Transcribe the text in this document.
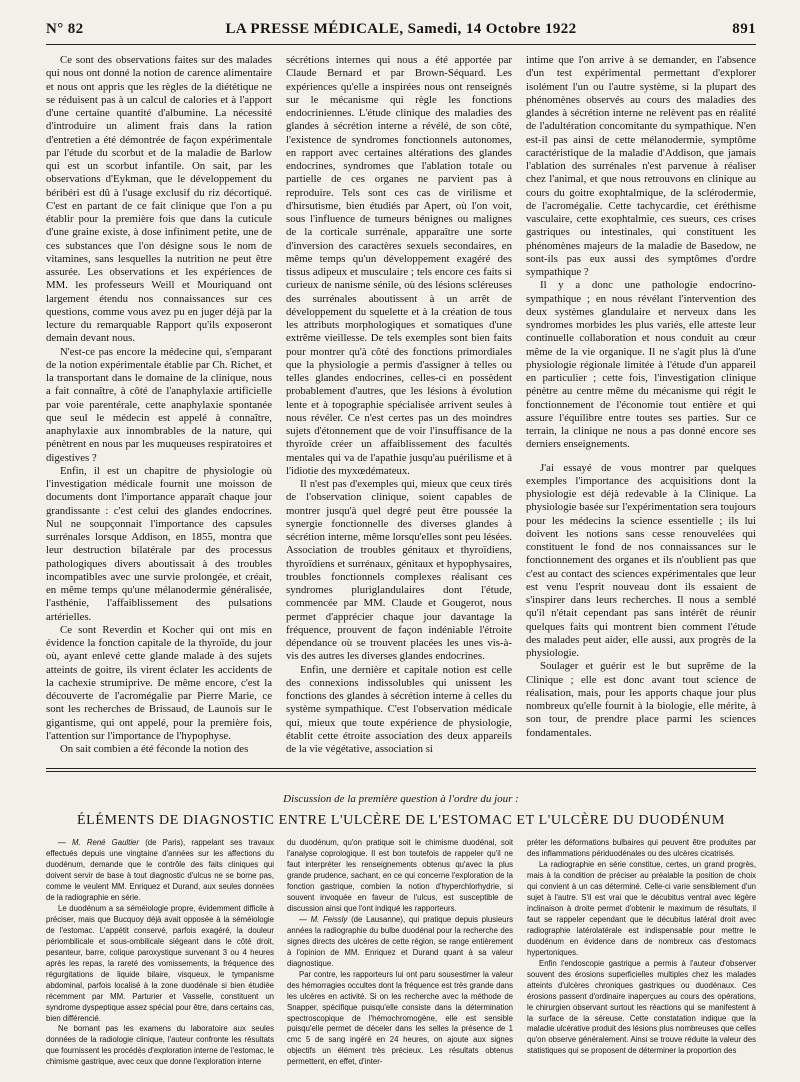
N° 82	LA PRESSE MÉDICALE, Samedi, 14 Octobre 1922	891

Ce sont des observations faites sur des malades qui nous ont donné la notion de carence alimentaire et nous ont appris que les règles de la diététique ne se réduisent pas à un calcul de calories et à l'apport d'une certaine quantité d'albumine. La nécessité d'introduire un aliment frais dans la ration d'entretien a été démontrée de façon expérimentale par l'étude du scorbut et de la maladie de Barlow qui est un scorbut infantile. On sait, par les observations d'Eykman, que le développement du béribéri est dû à l'usage exclusif du riz décortiqué. C'est en partant de ce fait clinique que l'on a pu établir pour la première fois que dans la cuticule d'une graine existe, à dose infiniment petite, une de ces substances que l'on désigne sous le nom de vitamines, sans lesquelles la nutrition ne peut être assurée. Les observations et les expériences de MM. les professeurs Weill et Mouriquand ont largement étendu nos connaissances sur ces questions, comme vous avez pu en juger déjà par la lecture du remarquable Rapport qu'ils exposeront demain devant nous.

N'est-ce pas encore la médecine qui, s'emparant de la notion expérimentale établie par Ch. Richet, et la transportant dans le domaine de la clinique, nous a fait connaître, à côté de l'anaphylaxie artificielle par voie parentérale, cette anaphylaxie spontanée que seul le médecin est appelé à connaître, anaphylaxie aux innombrables de la nature, qui pénètrent en nous par les muqueuses respiratoires et digestives ?

Enfin, il est un chapitre de physiologie où l'investigation médicale fournit une moisson de documents dont l'importance apparaît chaque jour grandissante : c'est celui des glandes endocrines. Nul ne soupçonnait l'importance des capsules surrénales lorsque Addison, en 1855, montra que leur destruction bilatérale par des processus pathologiques divers aboutissait à des troubles incompatibles avec une survie prolongée, et créait, en même temps qu'une mélanodermie généralisée, l'asthénie, l'affaiblissement des pulsations artérielles.

Ce sont Reverdin et Kocher qui ont mis en évidence la fonction capitale de la thyroïde, du jour où, ayant enlevé cette glande malade à des sujets atteints de goitre, ils virent éclater les accidents de la cachexie strumiprive. De même encore, c'est la découverte de l'acromégalie par Pierre Marie, ce sont les recherches de Brissaud, de Launois sur le gigantisme, qui ont appelé, pour la première fois, l'attention sur l'importance de l'hypophyse.

On sait combien a été féconde la notion des

sécrétions internes qui nous a été apportée par Claude Bernard et par Brown-Séquard. Les expériences qu'elle a inspirées nous ont renseignés sur le mécanisme qui règle les fonctions endocriniennes. L'étude clinique des maladies des glandes à sécrétion interne a révélé, de son côté, l'existence de syndromes fonctionnels autonomes, en rapport avec certaines altérations des glandes endocrines, syndromes que l'ablation totale ou partielle de ces organes ne parvient pas à reproduire. Tels sont ces cas de virilisme et d'hirsutisme, bien étudiés par Apert, où l'on voit, sous l'influence de tumeurs bénignes ou malignes de la corticale surrénale, apparaître une sorte d'inversion des caractères sexuels secondaires, en même temps qu'un développement exagéré des tissus adipeux et musculaire ; tels encore ces faits si curieux de nanisme sénile, où des lésions scléreuses des surrénales aboutissent à un arrêt de développement du squelette et à la création de tous les attributs morphologiques et somatiques d'une extrême vieillesse. De tels exemples sont bien faits pour montrer qu'à côté des fonctions primordiales que la physiologie a permis d'assigner à telles ou telles glandes endocrines, celles-ci en possèdent probablement d'autres, que les lésions à évolution lente et à topographie spécialisée arrivent seules à nous révéler. Ce n'est certes pas un des moindres sujets d'étonnement que de voir l'insuffisance de la thyroïde créer un affaiblissement des facultés mentales qui va de l'apathie jusqu'au puérilisme et à l'idiotie des myxœdémateux.

Il n'est pas d'exemples qui, mieux que ceux tirés de l'observation clinique, soient capables de montrer jusqu'à quel degré peut être poussée la synergie fonctionnelle des diverses glandes à sécrétion interne, même lorsqu'elles sont peu lésées. Association de troubles génitaux et thyroïdiens, thyroïdiens et surrénaux, génitaux et hypophysaires, troubles fonctionnels complexes réalisant ces syndromes pluriglandulaires dont l'étude, commencée par MM. Claude et Gougerot, nous permet d'apprécier chaque jour davantage la fréquence, prouvent de façon indéniable l'étroite dépendance où se trouvent placées les unes vis-à-vis des autres les diverses glandes endocrines.

Enfin, une dernière et capitale notion est celle des connexions indissolubles qui unissent les fonctions des glandes à sécrétion interne à celles du système sympathique. C'est l'observation médicale qui, mieux que toute expérience de physiologie, établit cette étroite association des deux appareils de la vie végétative, association si

intime que l'on arrive à se demander, en l'absence d'un test expérimental permettant d'explorer isolément l'un ou l'autre système, si la plupart des phénomènes observés au cours des maladies des glandes à sécrétion interne ne relèvent pas en réalité de l'adultération concomitante du sympathique. N'en est-il pas ainsi de cette mélanodermie, symptôme caractéristique de la maladie d'Addison, que jamais l'ablation des surrénales n'est parvenue à réaliser chez l'animal, et que nous retrouvons en clinique au cours du goitre exophtalmique, de la sclérodermie, de l'acromégalie. Cette tachycardie, cet éréthisme vasculaire, cette exophtalmie, ces sueurs, ces crises gastriques ou intestinales, qui constituent les phénomènes majeurs de la maladie de Basedow, ne sont-ils pas eux aussi des symptômes d'ordre sympathique ?

Il y a donc une pathologie endocrino-sympathique ; en nous révélant l'intervention des deux systèmes glandulaire et nerveux dans les syndromes morbides les plus variés, elle atteste leur continuelle collaboration et nous conduit au cœur même de la vie organique. Il ne s'agit plus là d'une physiologie régionale limitée à l'étude d'un appareil en particulier ; cette fois, l'investigation clinique pénètre au centre même du mécanisme qui régit le fonctionnement de l'économie tout entière et qui assure l'équilibre entre toutes ses parties. Sur ce terrain, la clinique ne nous a pas donné encore ses derniers enseignements.

J'ai essayé de vous montrer par quelques exemples l'importance des acquisitions dont la physiologie est déjà redevable à la Clinique. La physiologie basée sur l'expérimentation sera toujours pour les médecins la science essentielle ; ils lui doivent les notions sans cesse renouvelées qui constituent le fond de nos connaissances sur le fonctionnement des organes et ils n'oublient pas que c'est au contact des sciences expérimentales que leur est venu l'esprit nouveau dont ils essaient de s'inspirer dans leurs recherches. Il nous a semblé qu'il n'était cependant pas sans intérêt de réunir quelques faits qui montrent bien comment l'étude des malades peut aider, elle aussi, aux progrès de la physiologie.

Soulager et guérir est le but suprême de la Clinique ; elle est donc avant tout science de réalisation, mais, pour les apports chaque jour plus nombreux qu'elle fournit à la biologie, elle mérite, à son tour, de prendre place parmi les sciences fondamentales.

Discussion de la première question à l'ordre du jour :
ÉLÉMENTS DE DIAGNOSTIC ENTRE L'ULCÈRE DE L'ESTOMAC ET L'ULCÈRE DU DUODÉNUM

— M. René Gaultier (de Paris), rappelant ses travaux effectués depuis une vingtaine d'années sur les affections du duodénum, demande que le contrôle des faits cliniques qui doivent servir de base à tout diagnostic d'ulcus ne se borne pas, comme le veulent MM. Enriquez et Durand, aux seules données de la radiographie en série.

Le duodénum a sa séméiologie propre, évidemment difficile à préciser, mais que Bucquoy déjà avait opposée à la séméiologie de l'estomac. L'appétit conservé, parfois exagéré, la douleur périombilicale et sous-ombilicale siégeant dans le côté droit, pesanteur, barre, colique paroxystique survenant 3 ou 4 heures après les repas, la rareté des vomissements, la fréquence des régurgitations de liquide bilaire, visqueux, le tympanisme abdominal, parfois localisé à la zone duodénale si bien étudiée récemment par MM. Parturier et Vasselle, constituent un syndrome dyspeptique assez spécial pour être, dans certains cas, bien différencié.

Ne bornant pas les examens du laboratoire aux seules données de la radiologie clinique, l'auteur confronte les résultats que fournissent les procédés d'exploration interne de l'estomac, le chimisme gastrique, avec ceux que donne l'exploration interne

du duodénum, qu'on pratique soit le chimisme duodénal, soit l'analyse coprologique. Il est bon toutefois de rappeler qu'il ne faut interpréter les renseignements obtenus qu'avec la plus grande prudence, sachant, en ce qui concerne l'exploration de la fonction gastrique, combien la notion d'hyperchlorhydrie, si souvent invoquée en faveur de l'ulcus, est susceptible de discussion ainsi que l'ont indiqué les rapporteurs.

— M. Feissly (de Lausanne), qui pratique depuis plusieurs années la radiographie du bulbe duodénal pour la recherche des signes directs des ulcères de cette région, se range entièrement à l'opinion de MM. Enriquez et Durand quant à sa valeur diagnostique.

Par contre, les rapporteurs lui ont paru sousestimer la valeur des hémorragies occultes dont la fréquence est très grande dans les ulcères en activité. Si on les recherche avec la méthode de Snapper, spécifique puisqu'elle consiste dans la détermination spectroscopique de l'hémochromogène, elle est sensible puisqu'elle permet de déceler dans les selles la présence de 1 cmc 5 de sang ingéré en 24 heures, on ajoute aux signes objectifs un élément très précieux. Les résultats obtenus permettent, en effet, d'inter-

préter les déformations bulbaires qui peuvent être produites par des inflammations périduodénales ou des ulcères cicatrisés.

La radiographie en série constitue, certes, un grand progrès, mais à la condition de préciser au préalable la position de choix qui convient à un cas déterminé. Celle-ci varie sensiblement d'un sujet à l'autre. S'il est vrai que le décubitus ventral avec légère inclinaison à droite permet d'obtenir le maximum de résultats, il faut se rappeler cependant que le décubitus latéral droit avec radiographie latérolatérale est indispensable pour mettre le duodénum en évidence dans de nombreux cas d'estomacs hypertoniques.

Enfin l'endoscopie gastrique a permis à l'auteur d'observer souvent des érosions superficielles multiples chez les malades atteints d'ulcères chroniques gastriques ou duodénaux. Ces érosions passent d'ordinaire inaperçues au cours des opérations, le chirurgien observant surtout les réactions qui se manifestent à la surface de la séreuse. Cette constatation indique que la maladie ulcérative produit des lésions plus nombreuses que celles qu'on observe généralement. Ainsi se trouve réduite la valeur des statistiques qui se proposent de déterminer la proportion des
